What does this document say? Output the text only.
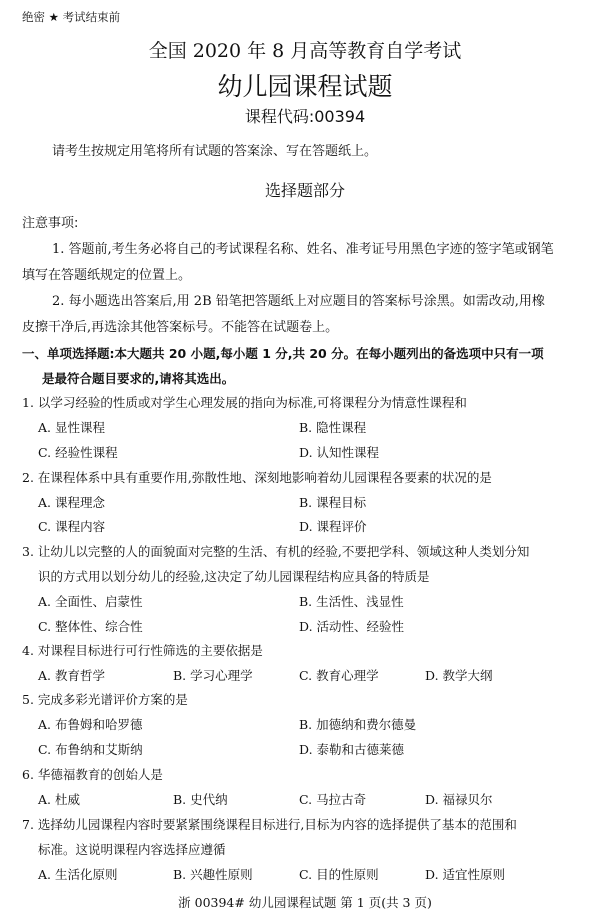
绝密 ★ 考试结束前
全国 2020 年 8 月高等教育自学考试
幼儿园课程试题
课程代码:00394
请考生按规定用笔将所有试题的答案涂、写在答题纸上。
选择题部分
注意事项:
1. 答题前,考生务必将自己的考试课程名称、姓名、准考证号用黑色字迹的签字笔或钢笔
填写在答题纸规定的位置上。
2. 每小题选出答案后,用 2B 铅笔把答题纸上对应题目的答案标号涂黑。如需改动,用橡
皮擦干净后,再选涂其他答案标号。不能答在试题卷上。
一、单项选择题:本大题共 20 小题,每小题 1 分,共 20 分。在每小题列出的备选项中只有一项
是最符合题目要求的,请将其选出。
1. 以学习经验的性质或对学生心理发展的指向为标准,可将课程分为情意性课程和
A. 显性课程	B. 隐性课程
C. 经验性课程	D. 认知性课程
2. 在课程体系中具有重要作用,弥散性地、深刻地影响着幼儿园课程各要素的状况的是
A. 课程理念	B. 课程目标
C. 课程内容	D. 课程评价
3. 让幼儿以完整的人的面貌面对完整的生活、有机的经验,不要把学科、领域这种人类划分知
识的方式用以划分幼儿的经验,这决定了幼儿园课程结构应具备的特质是
A. 全面性、启蒙性	B. 生活性、浅显性
C. 整体性、综合性	D. 活动性、经验性
4. 对课程目标进行可行性筛选的主要依据是
A. 教育哲学	B. 学习心理学	C. 教育心理学	D. 教学大纲
5. 完成多彩光谱评价方案的是
A. 布鲁姆和哈罗德	B. 加德纳和费尔德曼
C. 布鲁纳和艾斯纳	D. 泰勒和古德莱德
6. 华德福教育的创始人是
A. 杜威	B. 史代纳	C. 马拉古奇	D. 福禄贝尔
7. 选择幼儿园课程内容时要紧紧围绕课程目标进行,目标为内容的选择提供了基本的范围和
标准。这说明课程内容选择应遵循
A. 生活化原则	B. 兴趣性原则	C. 目的性原则	D. 适宜性原则
浙 00394# 幼儿园课程试题 第 1 页(共 3 页)
